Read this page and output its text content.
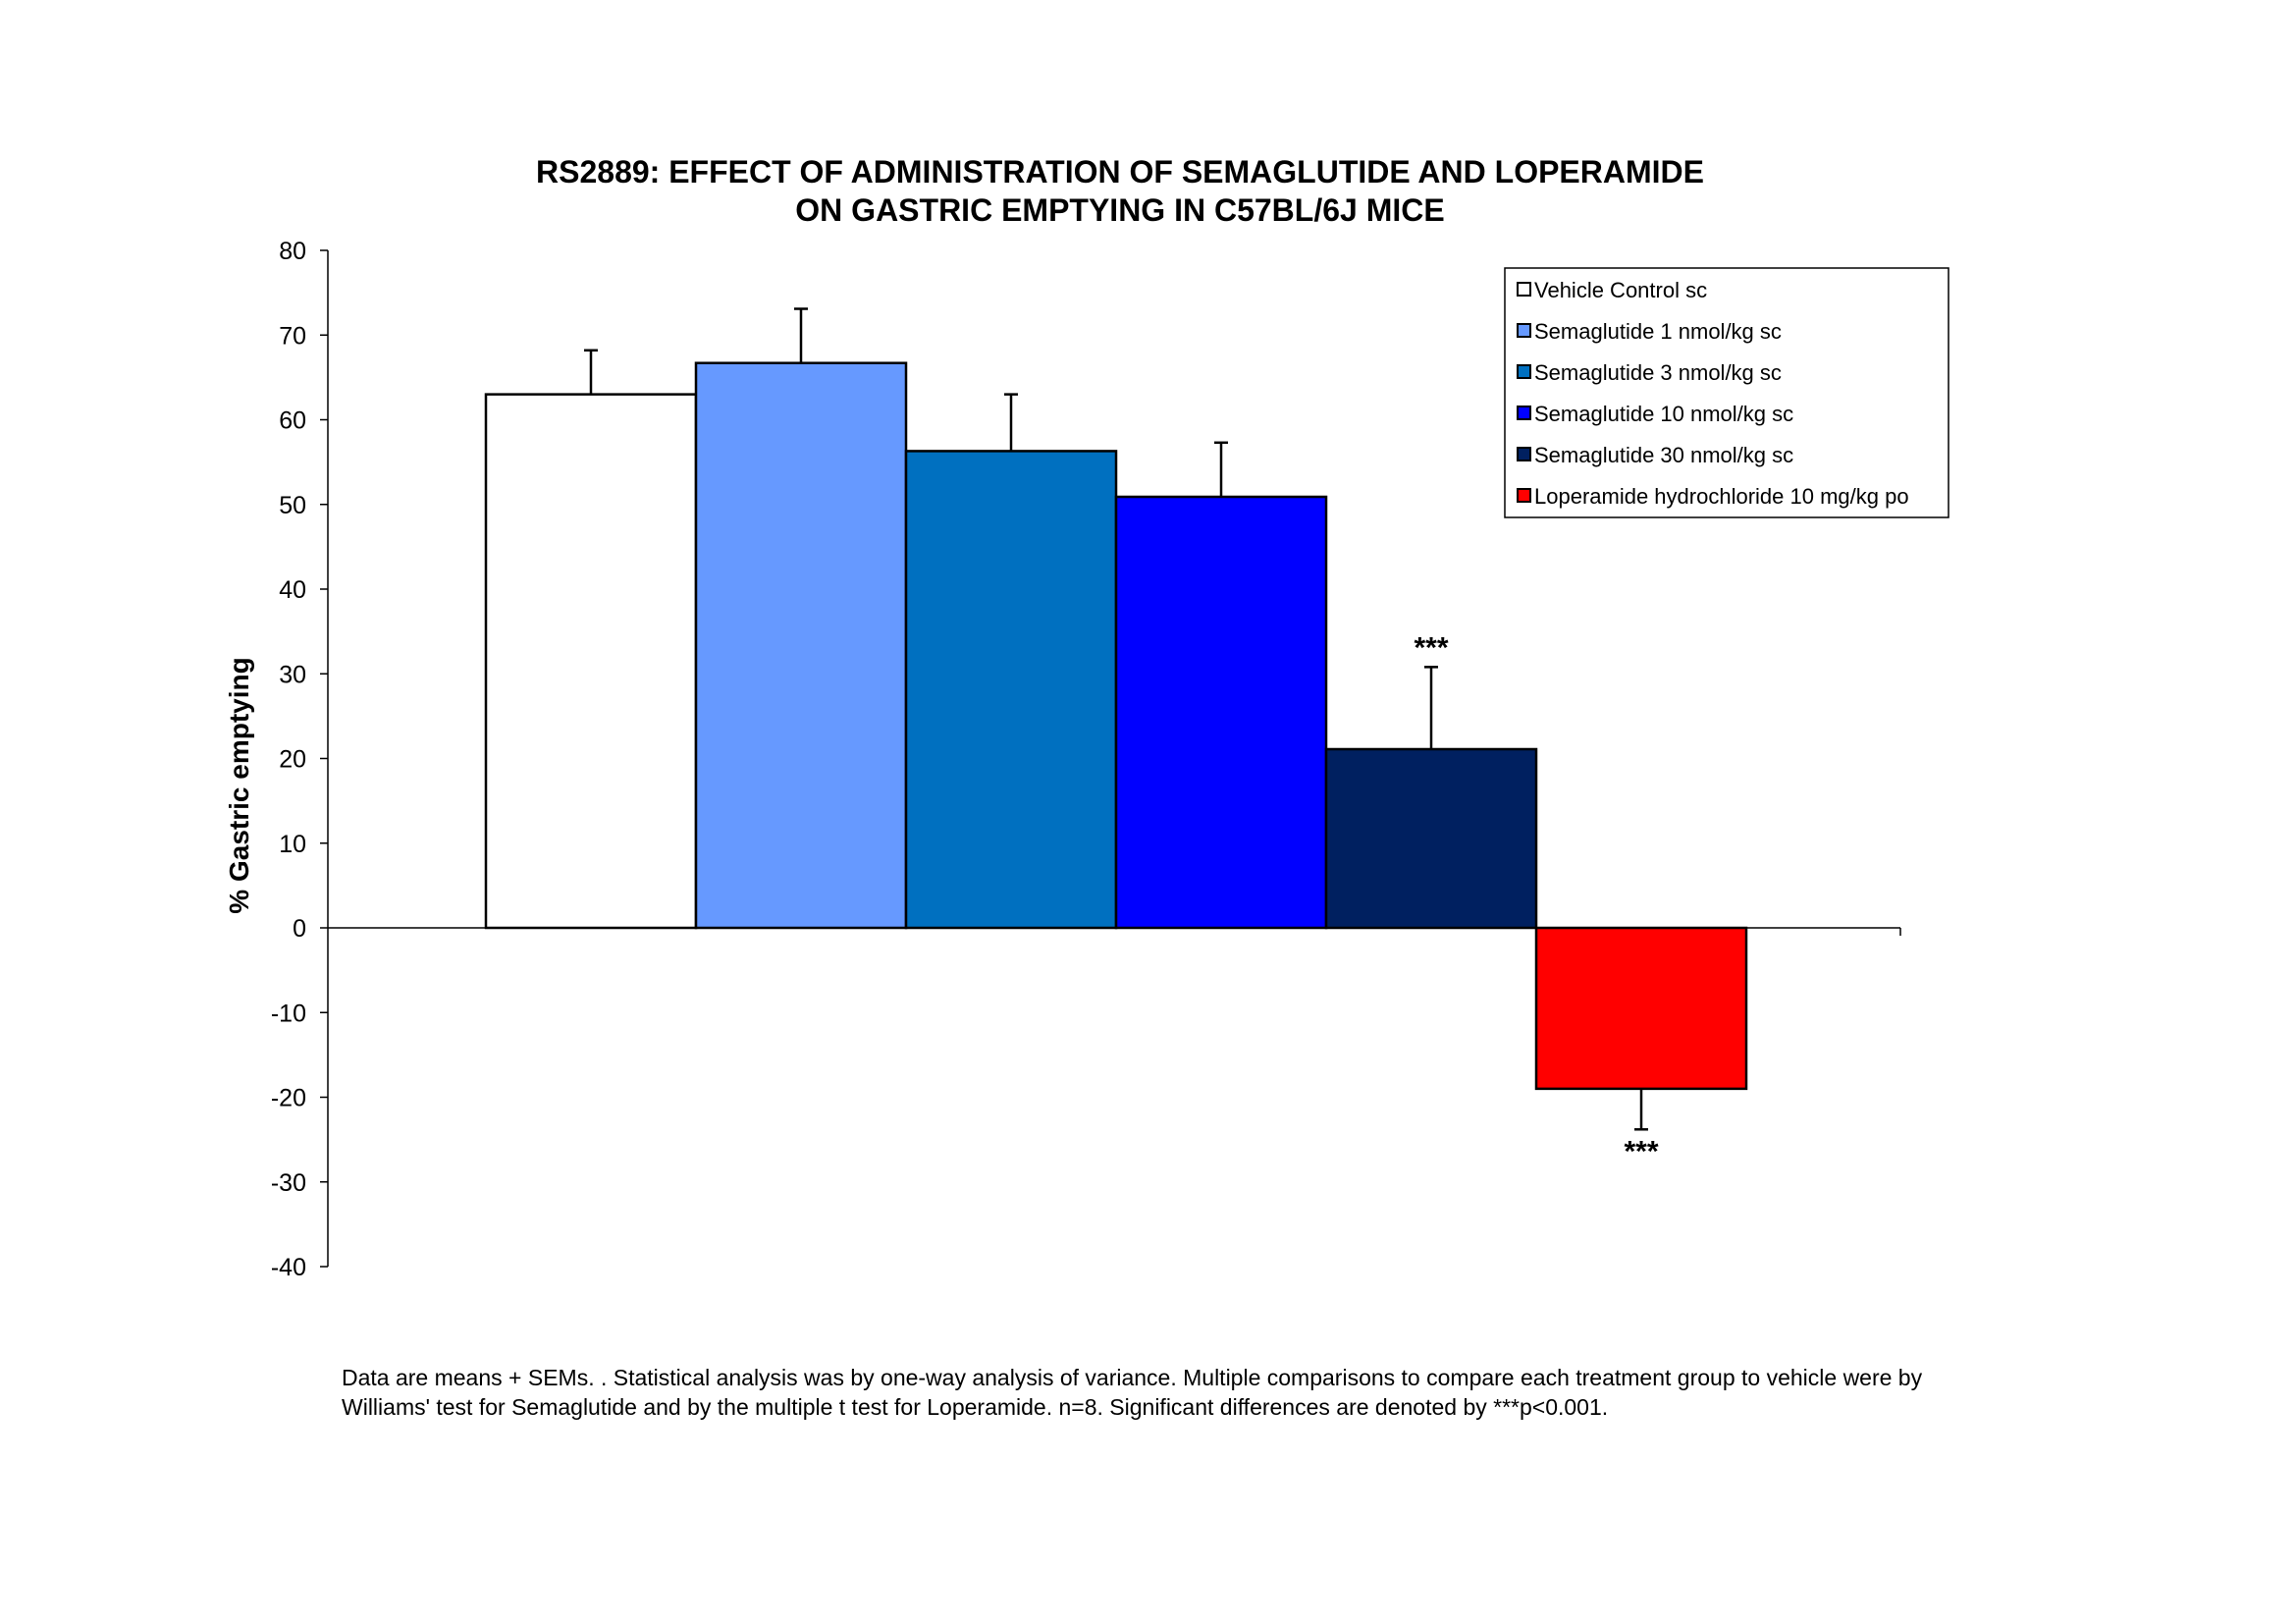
RS2889: EFFECT OF ADMINISTRATION OF SEMAGLUTIDE AND LOPERAMIDE
ON GASTRIC EMPTYING IN C57BL/6J MICE
% Gastric emptying
80
70
60
50
40
30
20
10
0
-10
-20
-30
-40
***
***
Vehicle Control sc
Semaglutide 1 nmol/kg sc
Semaglutide 3 nmol/kg sc
Semaglutide 10 nmol/kg sc
Semaglutide 30 nmol/kg sc
Loperamide hydrochloride 10 mg/kg po
Data are means + SEMs. . Statistical analysis was by one-way analysis of variance. Multiple comparisons to compare each treatment group to vehicle were by
Williams' test for Semaglutide and by the multiple t test for Loperamide. n=8. Significant differences are denoted by ***p<0.001.
